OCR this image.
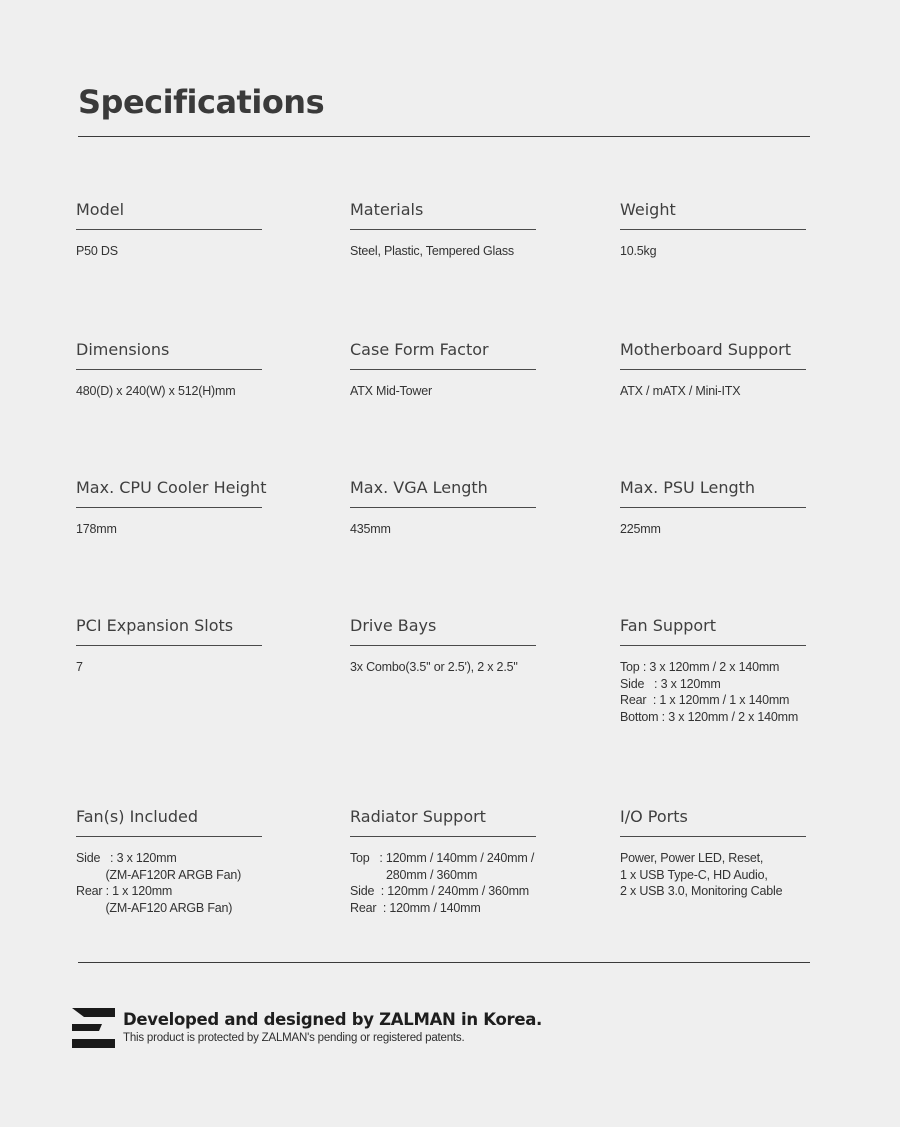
Specifications
Model
P50 DS
Materials
Steel, Plastic, Tempered Glass
Weight
10.5kg
Dimensions
480(D) x 240(W) x 512(H)mm
Case Form Factor
ATX Mid-Tower
Motherboard Support
ATX / mATX / Mini-ITX
Max. CPU Cooler Height
178mm
Max. VGA Length
435mm
Max. PSU Length
225mm
PCI Expansion Slots
7
Drive Bays
3x Combo(3.5'' or 2.5'), 2 x 2.5"
Fan Support
Top : 3 x 120mm / 2 x 140mm
Side   : 3 x 120mm
Rear  : 1 x 120mm / 1 x 140mm
Bottom : 3 x 120mm / 2 x 140mm
Fan(s) Included
Side   : 3 x 120mm
(ZM-AF120R ARGB Fan)
Rear : 1 x 120mm
(ZM-AF120 ARGB Fan)
Radiator Support
Top   : 120mm / 140mm / 240mm /
280mm / 360mm
Side  : 120mm / 240mm / 360mm
Rear  : 120mm / 140mm
I/O Ports
Power, Power LED, Reset,
1 x USB Type-C, HD Audio,
2 x USB 3.0, Monitoring Cable
Developed and designed by ZALMAN in Korea.
This product is protected by ZALMAN's pending or registered patents.
